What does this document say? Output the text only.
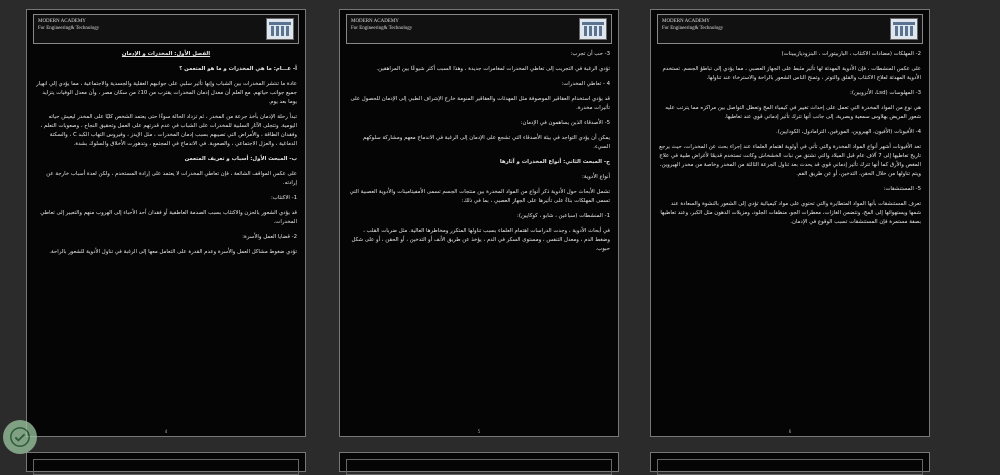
MODERN ACADEMY
For Engineering& Technology

الفصل الأول: المخدرات و الإدمان

أ- عـــام: ما هي المخدرات و ما هو المتعمن ؟

عادة ما تنتشر المخدرات بين الشباب وإنها تأثير سلبي على جوانبهم العقلية والجسدية والاجتماعية ، مما يؤدي إلي انهيار جميع جوانب حياتهم. مع العلم أن معدل إدمان المخدرات يقترب من 10٪ من سكان مصر ، وأن معدل الوفيات يتزايد يوما بعد يوم.

تبدأ رحلة الإدمان بأخذ جرعة من المخدر ، ثم تزداد الحالة سوءًا حتى يعتمد الشخص كليًا على المخدر ليعيش حياته اليومية. وتتجلى الآثار السلبية للمخدرات على الشباب في عدم قدرتهم على العمل وتحقيق النجاح ، وصعوبات التعلم ، وفقدان الطاقة ، والأمراض التي تصيبهم بسبب إدمان المخدرات ، مثل الإيدز ، وفيروس التهاب الكبد C ، والسكتة الدماغية ، والعزل الاجتماعي ، والصعوبة. في الاندماج في المجتمع ، وتدهورت الأخلاق والسلوك بشدة.

ب- المبحث الأول: أسباب و تعريف المتعمن

على عكس المواقف الشائعة ، فإن تعاطي المخدرات لا يعتمد على إرادة المستخدم ، ولكن لعدة أسباب خارجة عن إرادته.

1- الاكتئاب:

قد يؤدي الشعور بالحزن والاكتئاب بسبب الصدمة العاطفية أو فقدان أحد الأحباء إلى الهروب منهم والتعبير إلى تعاطي المخدرات.

2- قضايا العمل والأسرة:

تؤدي ضغوط مشاكل العمل والأسرة وعدم القدرة على التعامل معها إلى الرغبة في تناول الأدوية للشعور بالراحة.

4
MODERN ACADEMY
For Engineering& Technology

3- حب أن تجرب:

تؤدي الرغبة في التجريب إلى تعاطي المخدرات لمغامرات جديدة ، وهذا السبب أكثر شيوعًا بين المراهقين.

4 - تعاطي المخدرات:

قد يؤدي استخدام العقاقير الموصوفة مثل المهدئات والعقاقير المنومة خارج الإشراف الطبي إلى الإدمان للحصول على تأثيرات مخدرة.

5- الأصدقاء الذين يساهمون في الإدمان:

يمكن أن يؤدي التواجد في بيئة الأصدقاء التي تشجع على الإدمان إلى الرغبة في الاندماج معهم ومشاركة سلوكهم السيء.

ج- المبحث الثاني: أنواع المخدرات و آثارها

أنواع الأدوية:

تشمل الأبحاث حول الأدوية ذكر أنواع من المواد المخدرة بين منتجات الجسم تسمى الأمفيتامينات والأدوية العصبية التي تسمى المهلكات بناءً على تأثيرها على الجهاز العصبي ، بما في ذلك:

1- المنشطات (سباعين ، شابو ، كوكايين):

في أبحاث الأدوية ، وجدت الدراسات اهتمام العلماء بسبب تناولها المتكرر ومخاطرها العالية. مثل ضربات القلب ، وضغط الدم ، ومعدل التنفس ، ومستوى السكر في الدم ، يؤخذ عن طريق الأنف أو التدخين ، أو الحقن ، أو على شكل حبوب.

5
MODERN ACADEMY
For Engineering& Technology

2- المهلكات (مضادات الاكتئاب ، الباربيتورات ، البنزوديازيبينات)

على عكس المنشطات ، فإن الأدوية المهدئة لها تأثير مثبط على الجهاز العصبي ، مما يؤدي إلى تباطؤ الجسم. تستخدم الأدوية المهدئة لعلاج الاكتئاب والقلق والتوتر ، وتمنح الناس الشعور بالراحة والاسترخاء عند تناولها.

3- المهلوسات (Lsd، الأتروبين):

هي نوع من المواد المخدرة التي تعمل على إحداث تغيير في كيمياء المخ وتعطل التواصل بين مراكزه مما يترتب عليه شعور المريض بهلاوس سمعية وبصرية، إلى جانب أنها تترك تأثير إدماني قوي عند تعاطيها.

4- الأفيونات (الأفيون، الهيروين، المورفين، الترامادول، الكودايين).

تعد الأفيونات أشهر أنواع المواد المخدرة والتي تأتي في أولوية اهتمام العلماء عند إجراء بحث عن المخدرات، حيث يرجع تاريخ تعاطيها إلى 7 آلاف عام قبل الميلاد والتي تشتق من نبات الخشخاش وكانت تستخدم قديمًا لأغراض طبية في علاج المغص والأرق كما أنها تترك تأثير إدماني قوي قد يحدث بعد تناول الجرعة الثالثة من المخدر وخاصة من مخدر الهيروين، ويتم تناولها من خلال الحقن، التدخين، أو عن طريق الفم.

5- المستنشقات:

تعرف المستنشقات بأنها المواد المتطايرة والتي تحتوي على مواد كيميائية تؤدي إلى الشعور بالنشوة والسعادة عند شمها ويستهوائها إلى المخ، وتتضمن الغازات، معطرات الجو، منظفات الجلود، ومزيلات الدهون مثل الكبر، وعند تعاطيها بصفة مستمرة فإن المستنشقات تسبب الوقوع في الإدمان.

6
